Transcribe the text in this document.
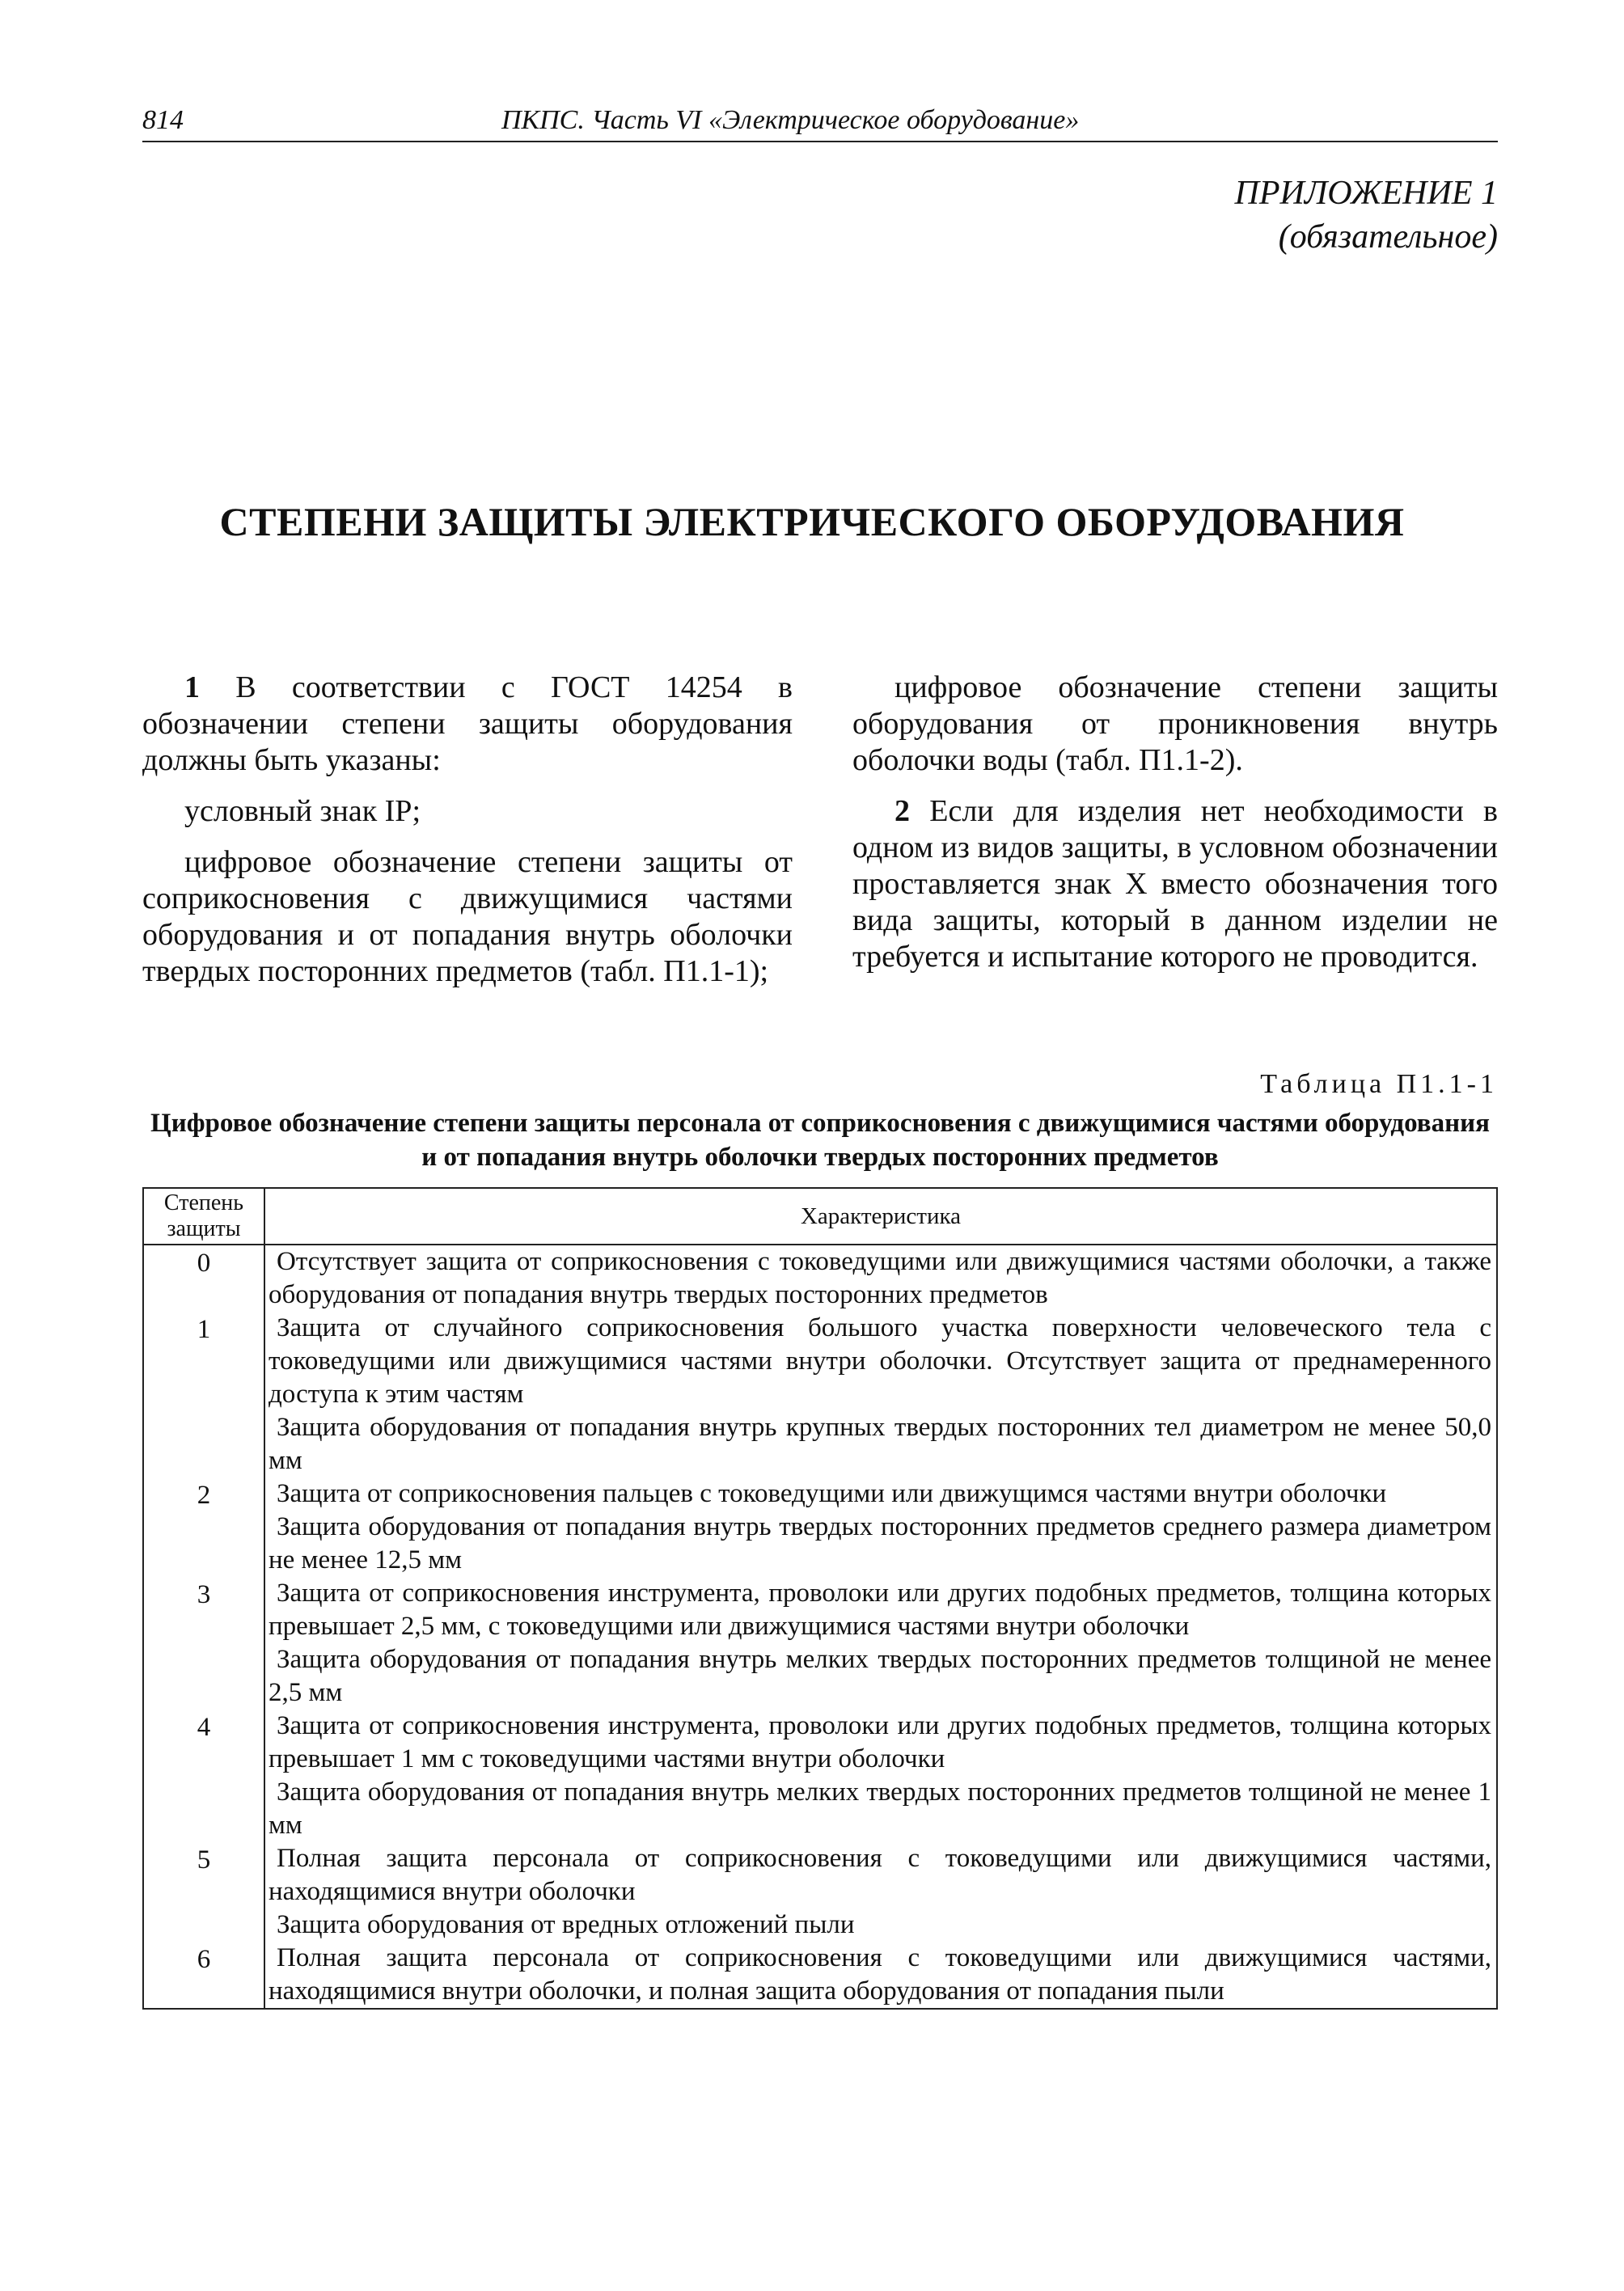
814	ПКПС. Часть VI «Электрическое оборудование»
ПРИЛОЖЕНИЕ 1
(обязательное)
СТЕПЕНИ ЗАЩИТЫ ЭЛЕКТРИЧЕСКОГО ОБОРУДОВАНИЯ

1 В соответствии с ГОСТ 14254 в обозначении степени защиты оборудования должны быть указаны:

условный знак IP;

цифровое обозначение степени защиты от соприкосновения с движущимися частями оборудования и от попадания внутрь оболочки твердых посторонних предметов (табл. П1.1-1);

цифровое обозначение степени защиты оборудования от проникновения внутрь оболочки воды (табл. П1.1-2).

2 Если для изделия нет необходимости в одном из видов защиты, в условном обозначении проставляется знак X вместо обозначения того вида защиты, который в данном изделии не требуется и испытание которого не проводится.

Таблица П1.1-1
Цифровое обозначение степени защиты персонала от соприкосновения с движущимися частями оборудования и от попадания внутрь оболочки твердых посторонних предметов
Степень
защиты	Характеристика
0	Отсутствует защита от соприкосновения с токоведущими или движущимися частями оболочки, а также оборудования от попадания внутрь твердых посторонних предметов

1	Защита от случайного соприкосновения большого участка поверхности человеческого тела с токоведущими или движущимися частями внутри оболочки. Отсутствует защита от преднамеренного доступа к этим частям
Защита оборудования от попадания внутрь крупных твердых посторонних тел диаметром не менее 50,0 мм

2	Защита от соприкосновения пальцев с токоведущими или движущимся частями внутри оболочки
Защита оборудования от попадания внутрь твердых посторонних предметов среднего размера диаметром не менее 12,5 мм

3	Защита от соприкосновения инструмента, проволоки или других подобных предметов, толщина которых превышает 2,5 мм, с токоведущими или движущимися частями внутри оболочки
Защита оборудования от попадания внутрь мелких твердых посторонних предметов толщиной не менее 2,5 мм

4	Защита от соприкосновения инструмента, проволоки или других подобных предметов, толщина которых превышает 1 мм с токоведущими частями внутри оболочки
Защита оборудования от попадания внутрь мелких твердых посторонних предметов толщиной не менее 1 мм

5	Полная защита персонала от соприкосновения с токоведущими или движущимися частями, находящимися внутри оболочки
Защита оборудования от вредных отложений пыли

6	Полная защита персонала от соприкосновения с токоведущими или движущимися частями, находящимися внутри оболочки, и полная защита оборудования от попадания пыли
